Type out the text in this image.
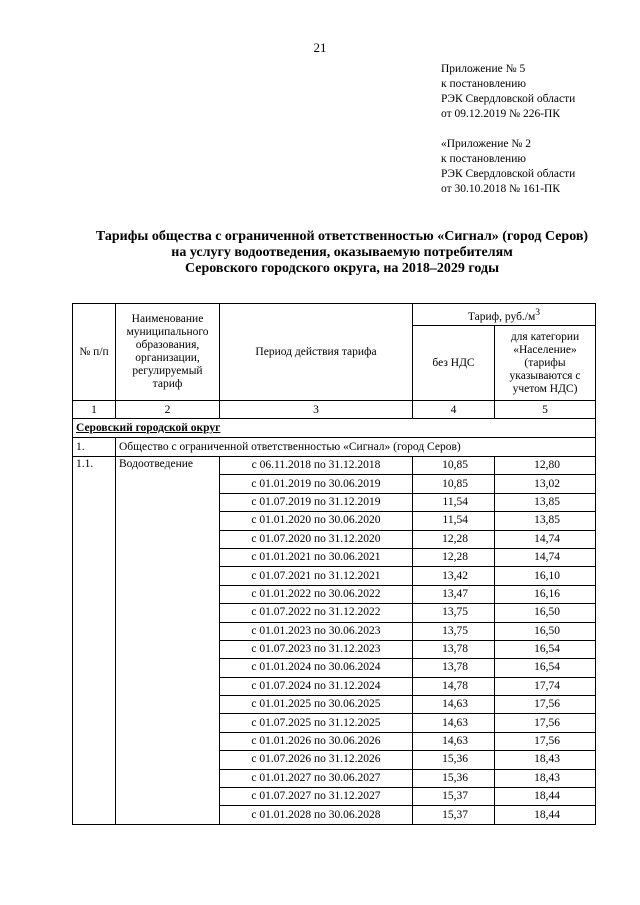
21
Приложение № 5
к постановлению
РЭК Свердловской области
от 09.12.2019 № 226-ПК
«Приложение № 2
к постановлению
РЭК Свердловской области
от 30.10.2018 № 161-ПК
Тарифы общества с ограниченной ответственностью «Сигнал» (город Серов)
на услугу водоотведения, оказываемую потребителям
Серовского городского округа, на 2018–2029 годы
№ п/п	Наименование муниципального образования, организации, регулируемый тариф	Период действия тарифа	Тариф, $руб./м^3$
			без НДС	для категории «Население» (тарифы указываются с учетом НДС)
1	2	3	4	5
Серовский городской округ				
1.	Общество с ограниченной ответственностью «Сигнал» (город Серов)			
1.1.	Водоотведение	с 06.11.2018 по 31.12.2018	10,85	12,80
		с 01.01.2019 по 30.06.2019	10,85	13,02
		с 01.07.2019 по 31.12.2019	11,54	13,85
		с 01.01.2020 по 30.06.2020	11,54	13,85
		с 01.07.2020 по 31.12.2020	12,28	14,74
		с 01.01.2021 по 30.06.2021	12,28	14,74
		с 01.07.2021 по 31.12.2021	13,42	16,10
		с 01.01.2022 по 30.06.2022	13,47	16,16
		с 01.07.2022 по 31.12.2022	13,75	16,50
		с 01.01.2023 по 30.06.2023	13,75	16,50
		с 01.07.2023 по 31.12.2023	13,78	16,54
		с 01.01.2024 по 30.06.2024	13,78	16,54
		с 01.07.2024 по 31.12.2024	14,78	17,74
		с 01.01.2025 по 30.06.2025	14,63	17,56
		с 01.07.2025 по 31.12.2025	14,63	17,56
		с 01.01.2026 по 30.06.2026	14,63	17,56
		с 01.07.2026 по 31.12.2026	15,36	18,43
		с 01.01.2027 по 30.06.2027	15,36	18,43
		с 01.07.2027 по 31.12.2027	15,37	18,44
		с 01.01.2028 по 30.06.2028	15,37	18,44
